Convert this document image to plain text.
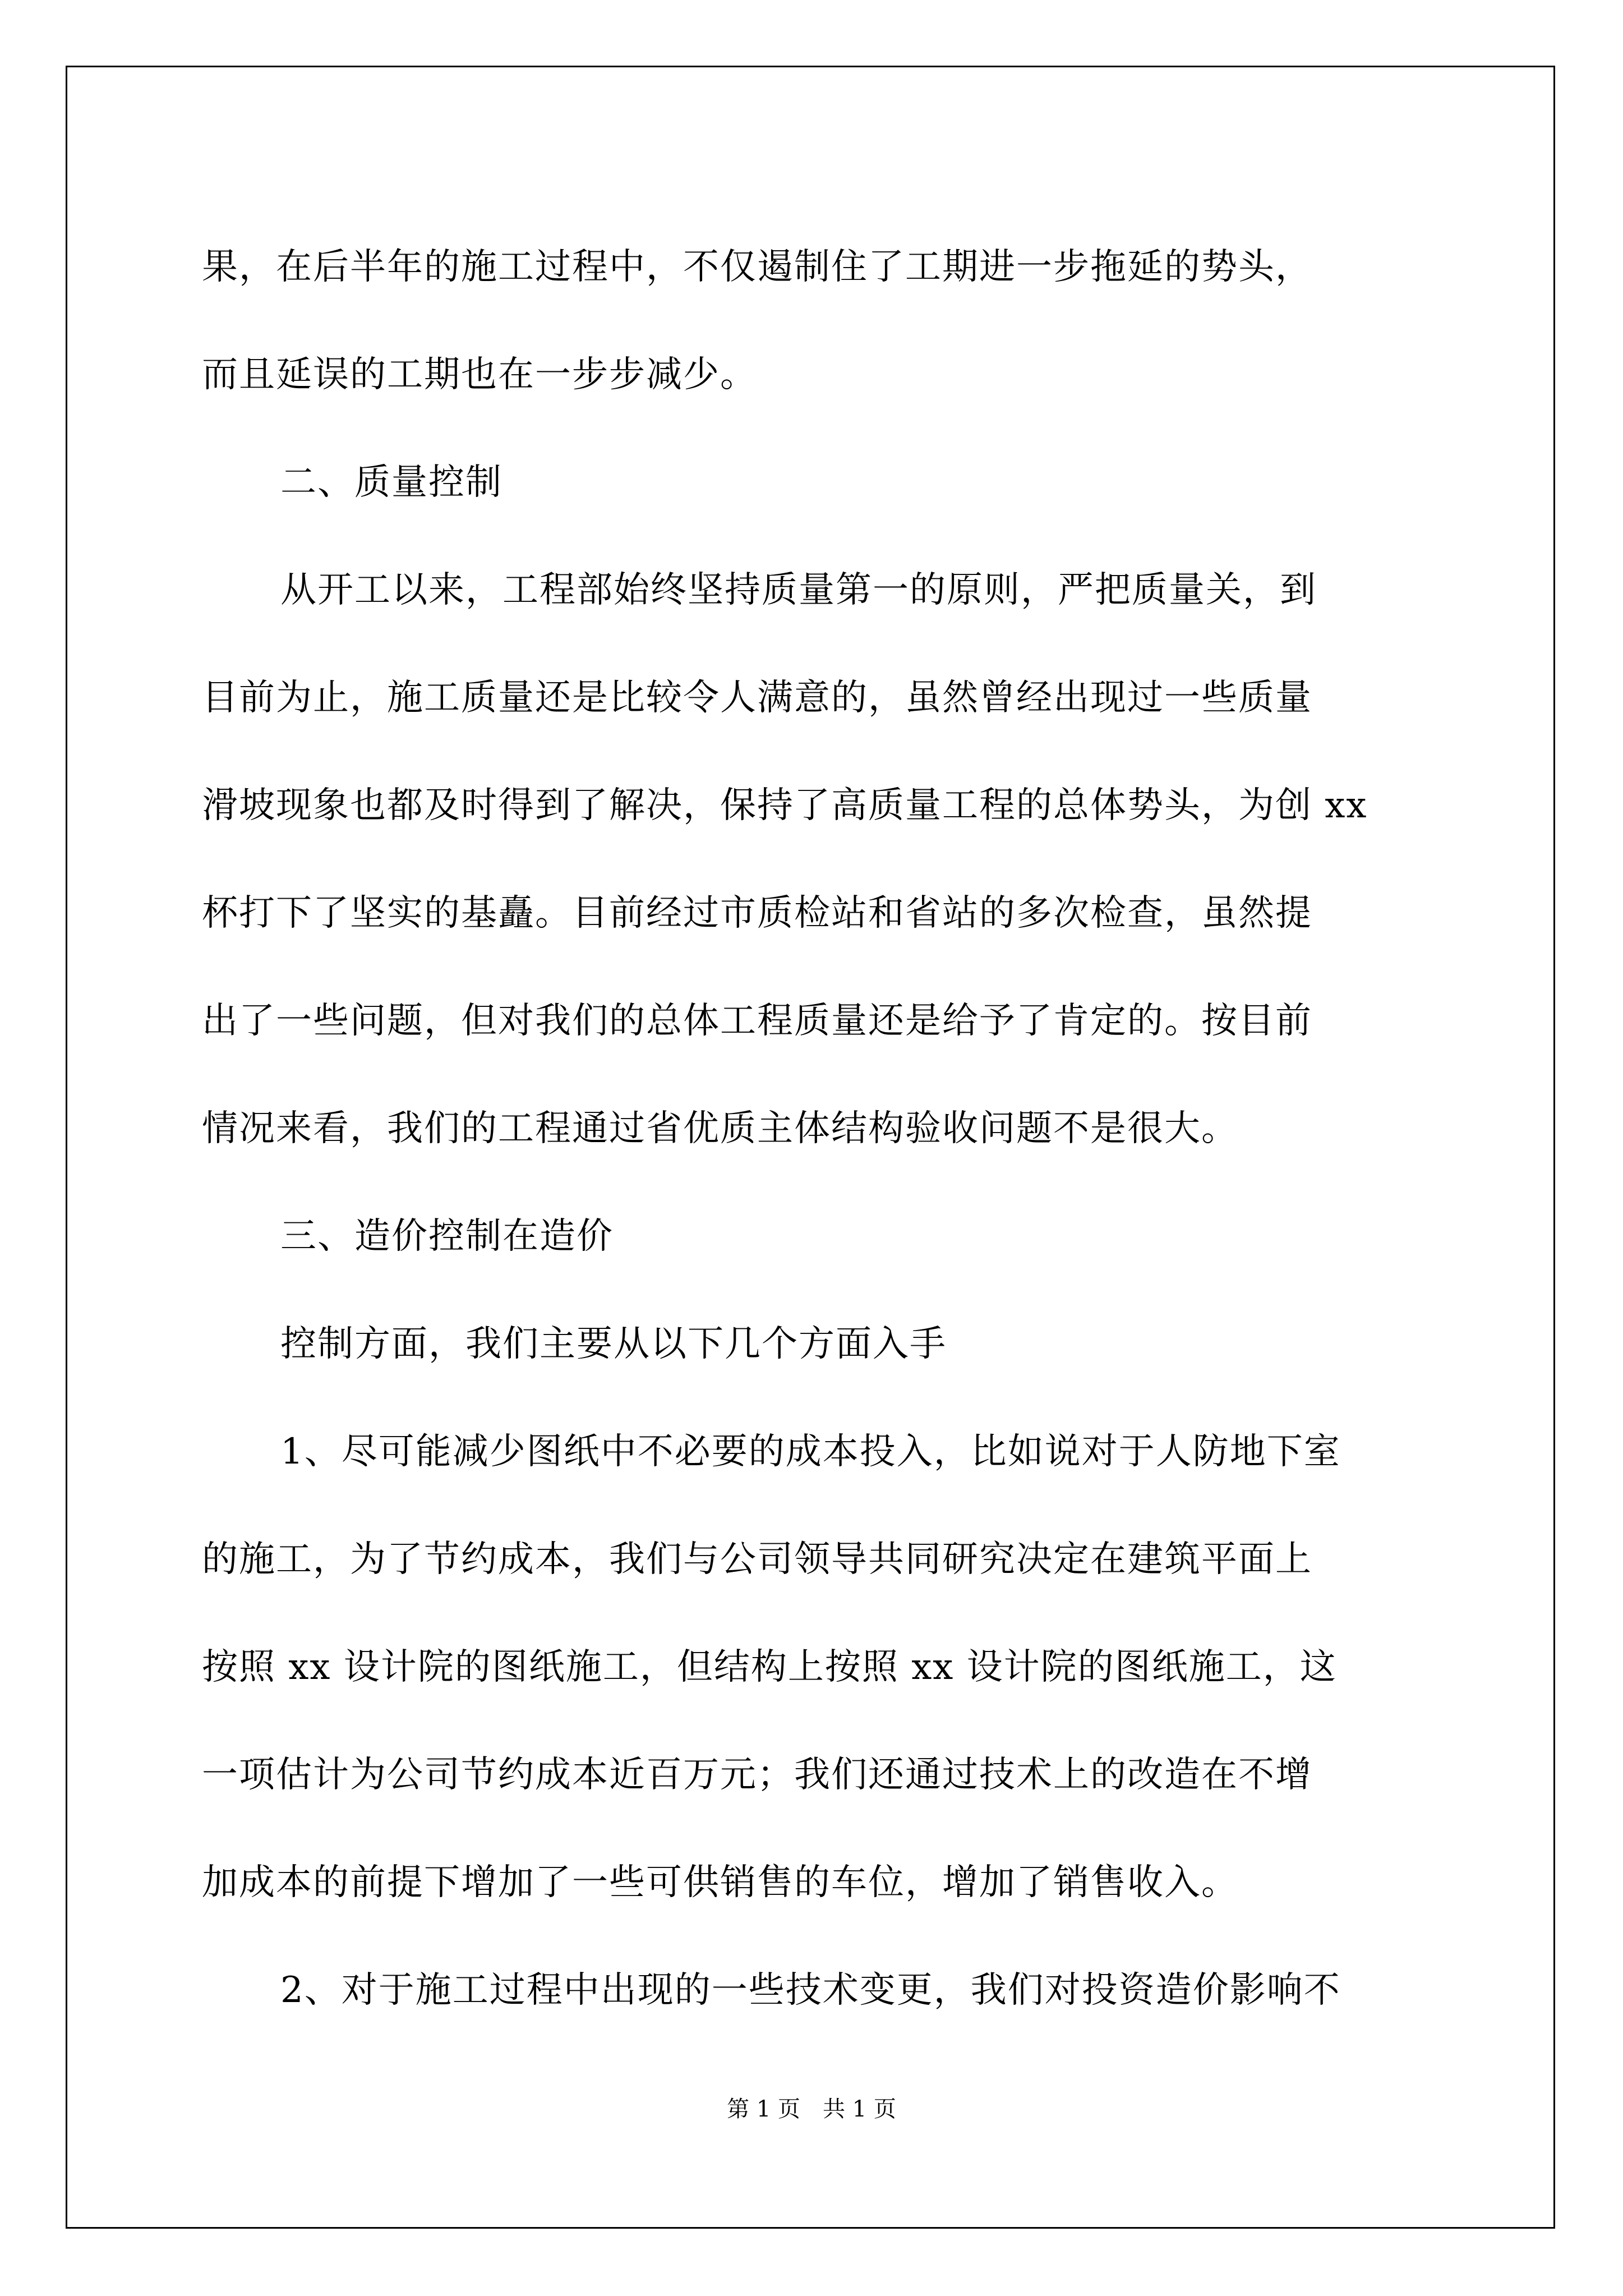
果，在后半年的施工过程中，不仅遏制住了工期进一步拖延的势头，
而且延误的工期也在一步步减少。
二、质量控制
从开工以来，工程部始终坚持质量第一的原则，严把质量关，到
目前为止，施工质量还是比较令人满意的，虽然曾经出现过一些质量
滑坡现象也都及时得到了解决，保持了高质量工程的总体势头，为创 xx
杯打下了坚实的基矗。目前经过市质检站和省站的多次检查，虽然提
出了一些问题，但对我们的总体工程质量还是给予了肯定的。按目前
情况来看，我们的工程通过省优质主体结构验收问题不是很大。
三、造价控制在造价
控制方面，我们主要从以下几个方面入手
1、尽可能减少图纸中不必要的成本投入，比如说对于人防地下室
的施工，为了节约成本，我们与公司领导共同研究决定在建筑平面上
按照 xx 设计院的图纸施工，但结构上按照 xx 设计院的图纸施工，这
一项估计为公司节约成本近百万元；我们还通过技术上的改造在不增
加成本的前提下增加了一些可供销售的车位，增加了销售收入。
2、对于施工过程中出现的一些技术变更，我们对投资造价影响不
第 1 页　共 1 页
